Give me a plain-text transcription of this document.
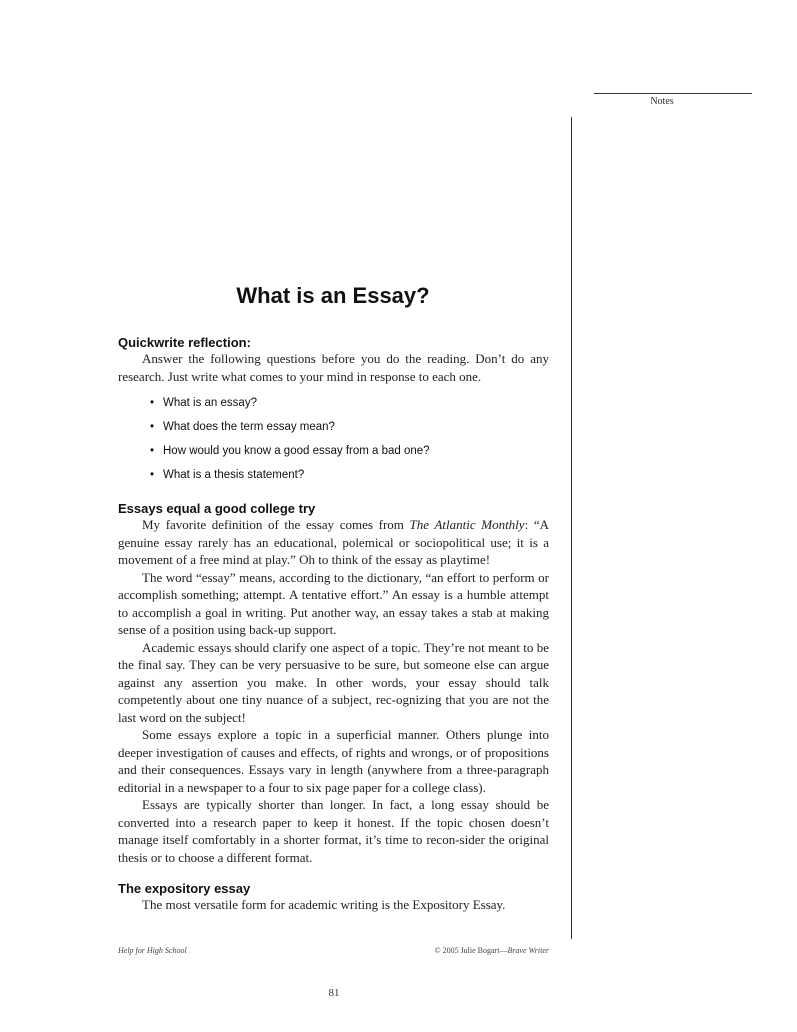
Notes
What is an Essay?
Quickwrite reflection:

Answer the following questions before you do the reading. Don’t do any research. Just write what comes to your mind in response to each one.

• What is an essay?
• What does the term essay mean?
• How would you know a good essay from a bad one?
• What is a thesis statement?
Essays equal a good college try

My favorite definition of the essay comes from The Atlantic Monthly: “A genuine essay rarely has an educational, polemical or sociopolitical use; it is a movement of a free mind at play.” Oh to think of the essay as playtime!

The word “essay” means, according to the dictionary, “an effort to perform or accomplish something; attempt. A tentative effort.” An essay is a humble attempt to accomplish a goal in writing. Put another way, an essay takes a stab at making sense of a position using back-up support.

Academic essays should clarify one aspect of a topic. They’re not meant to be the final say. They can be very persuasive to be sure, but someone else can argue against any assertion you make. In other words, your essay should talk competently about one tiny nuance of a subject, rec-ognizing that you are not the last word on the subject!

Some essays explore a topic in a superficial manner. Others plunge into deeper investigation of causes and effects, of rights and wrongs, or of propositions and their consequences. Essays vary in length (anywhere from a three-paragraph editorial in a newspaper to a four to six page paper for a college class).

Essays are typically shorter than longer. In fact, a long essay should be converted into a research paper to keep it honest. If the topic chosen doesn’t manage itself comfortably in a shorter format, it’s time to recon-sider the original thesis or to choose a different format.

The expository essay

The most versatile form for academic writing is the Expository Essay.

Help for High School	© 2005 Julie Bogart—Brave Writer
81
